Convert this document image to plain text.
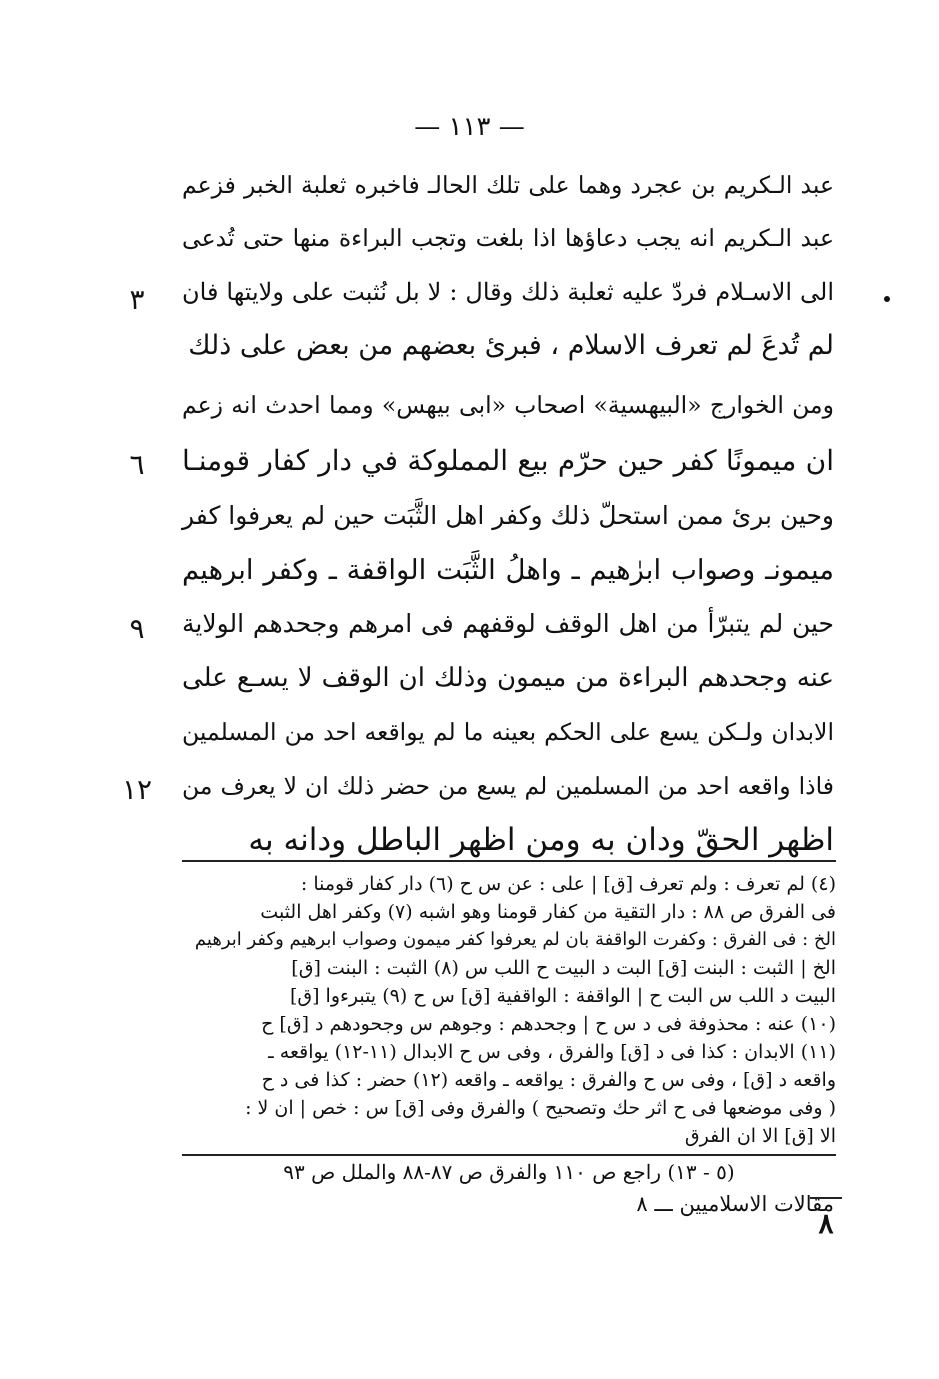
— ١١٣ —
عبد الـكريم بن عجرد وهما على تلك الحالـ فاخبره ثعلبة الخبر فزعم
عبد الـكريم انه يجب دعاؤها اذا بلغت وتجب البراءة منها حتى تُدعى
الى الاسـلام فردّ عليه ثعلبة ذلك وقال : لا بل نُثبت على ولايتها فان
لم تُدعَ لم تعرف الاسلام ، فبرئ بعضهم من بعض على ذلك
ومن الخوارج «البيهسية» اصحاب «ابى بيهس» ومما احدث انه زعم
ان ميمونًا كفر حين حرّم بيع المملوكة في دار كفار قومنـا
وحين برئ ممن استحلّ ذلك وكفر اهل الثَّبَت حين لم يعرفوا كفر
ميمونـ وصواب ابرٰهيم ـ واهلُ الثَّبَت الواقفة ـ وكفر ابرهيم
حين لم يتبرّأ من اهل الوقف لوقفهم فى امرهم وجحدهم الولاية
عنه وجحدهم البراءة من ميمون وذلك ان الوقف لا يسـع على
الابدان ولـكن يسع على الحكم بعينه ما لم يواقعه احد من المسلمين
فاذا واقعه احد من المسلمين لم يسع من حضر ذلك ان لا يعرف من
اظهر الحقّ ودان به ومن اظهر الباطل ودانه به
٣
٦
٩
١٢
(٤) لم تعرف : ولم تعرف [ق] | على : عن س ح (٦) دار كفار قومنا :
فى الفرق ص ٨٨ : دار التقية من كفار قومنا وهو اشبه (٧) وكفر اهل الثبت
الخ : فى الفرق : وكفرت الواقفة بان لم يعرفوا كفر ميمون وصواب ابرهيم وكفر ابرهيم
الخ | الثبت : البنت [ق] البت د البيت ح اللب س (٨) الثبت : البنت [ق]
البيت د اللب س البت ح | الواقفة : الواقفية [ق] س ح (٩) يتبرءوا [ق]
(١٠) عنه : محذوفة فى د س ح | وجحدهم : وجوهم س وجحودهم د [ق] ح
(١١) الابدان : كذا فى د [ق] والفرق ، وفى س ح الابدال (١١-١٢) يواقعه ـ
واقعه د [ق] ، وفى س ح والفرق : يواقعه ـ واقعه (١٢) حضر : كذا فى د ح
( وفى موضعها فى ح اثر حك وتصحيح ) والفرق وفى [ق] س : خص | ان لا :
الا [ق] الا ان الفرق
(٥ - ١٣) راجع ص ١١٠ والفرق ص ٨٧-٨٨ والملل ص ٩٣
مقالات الاسلاميين ـــ ٨
٨
